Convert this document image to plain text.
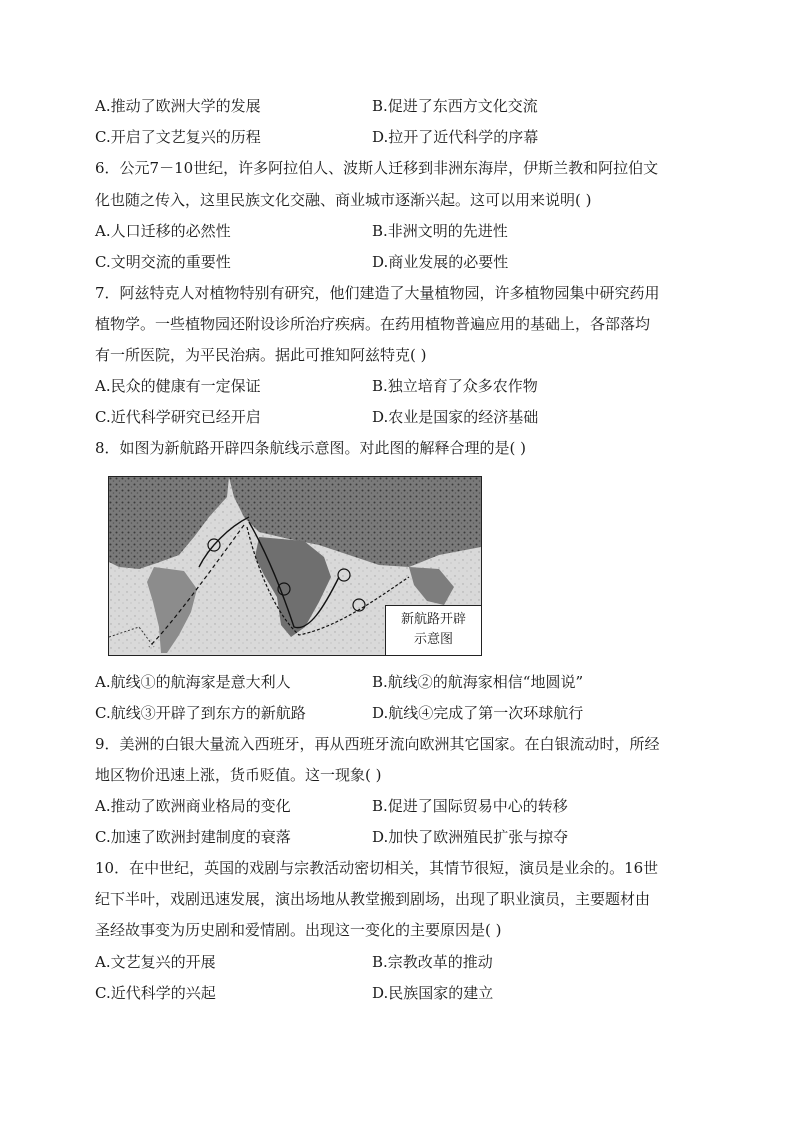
A.推动了欧洲大学的发展	B.促进了东西方文化交流
C.开启了文艺复兴的历程	D.拉开了近代科学的序幕
6．公元7－10世纪，许多阿拉伯人、波斯人迁移到非洲东海岸，伊斯兰教和阿拉伯文
化也随之传入，这里民族文化交融、商业城市逐渐兴起。这可以用来说明( )
A.人口迁移的必然性	B.非洲文明的先进性
C.文明交流的重要性	D.商业发展的必要性
7．阿兹特克人对植物特别有研究，他们建造了大量植物园，许多植物园集中研究药用
植物学。一些植物园还附设诊所治疗疾病。在药用植物普遍应用的基础上，各部落均
有一所医院，为平民治病。据此可推知阿兹特克( )
A.民众的健康有一定保证	B.独立培育了众多农作物
C.近代科学研究已经开启	D.农业是国家的经济基础
8．如图为新航路开辟四条航线示意图。对此图的解释合理的是( )
新航路开辟
示意图
A.航线①的航海家是意大利人	B.航线②的航海家相信“地圆说”
C.航线③开辟了到东方的新航路	D.航线④完成了第一次环球航行
9．美洲的白银大量流入西班牙，再从西班牙流向欧洲其它国家。在白银流动时，所经
地区物价迅速上涨，货币贬值。这一现象( )
A.推动了欧洲商业格局的变化	B.促进了国际贸易中心的转移
C.加速了欧洲封建制度的衰落	D.加快了欧洲殖民扩张与掠夺
10．在中世纪，英国的戏剧与宗教活动密切相关，其情节很短，演员是业余的。16世
纪下半叶，戏剧迅速发展，演出场地从教堂搬到剧场，出现了职业演员，主要题材由
圣经故事变为历史剧和爱情剧。出现这一变化的主要原因是( )
A.文艺复兴的开展	B.宗教改革的推动
C.近代科学的兴起	D.民族国家的建立
